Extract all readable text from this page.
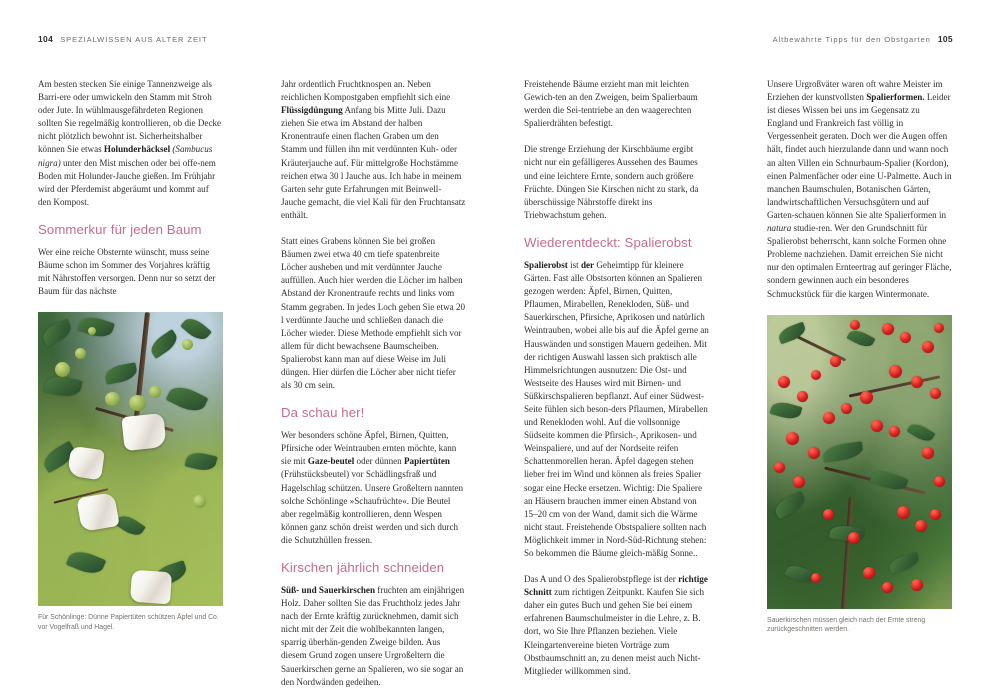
104 SPEZIALWISSEN AUS ALTER ZEIT	Altbewährte Tipps für den Obstgarten 105

Am besten stecken Sie einige Tannenzweige als Barri-ere oder umwickeln den Stamm mit Stroh oder Jute. In wühlmausgefährdeten Regionen sollten Sie regelmäßig kontrollieren, ob die Decke nicht plötzlich bewohnt ist. Sicherheitshalber können Sie etwas Holunderhäcksel (Sambucus nigra) unter den Mist mischen oder bei offe-nem Boden mit Holunder-Jauche gießen. Im Frühjahr wird der Pferdemist abgeräumt und kommt auf den Kompost.

Sommerkur für jeden Baum

Wer eine reiche Obsternte wünscht, muss seine Bäume schon im Sommer des Vorjahres kräftig mit Nährstoffen versorgen. Denn nur so setzt der Baum für das nächste

Für Schönlinge: Dünne Papiertüten schützen Äpfel und Co. vor Vogelfraß und Hagel.

Jahr ordentlich Fruchtknospen an. Neben reichlichen Kompostgaben empfiehlt sich eine Flüssigdüngung Anfang bis Mitte Juli. Dazu ziehen Sie etwa im Abstand der halben Kronentraufe einen flachen Graben um den Stamm und füllen ihn mit verdünnten Kuh- oder Kräuterjauche auf. Für mittelgroße Hochstämme reichen etwa 30 l Jauche aus. Ich habe in meinem Garten sehr gute Erfahrungen mit Beinwell-Jauche gemacht, die viel Kali für den Fruchtansatz enthält.

Statt eines Grabens können Sie bei großen Bäumen zwei etwa 40 cm tiefe spatenbreite Löcher ausheben und mit verdünnter Jauche auffüllen. Auch hier werden die Löcher im halben Abstand der Kronentraufe rechts und links vom Stamm gegraben. In jedes Loch geben Sie etwa 20 l verdünnte Jauche und schließen danach die Löcher wieder. Diese Methode empfiehlt sich vor allem für dicht bewachsene Baumscheiben. Spalierobst kann man auf diese Weise im Juli düngen. Hier dürfen die Löcher aber nicht tiefer als 30 cm sein.

Da schau her!

Wer besonders schöne Äpfel, Birnen, Quitten, Pfirsiche oder Weintrauben ernten möchte, kann sie mit Gaze-beutel oder dünnen Papiertüten (Frühstücksbeutel) vor Schädlingsfraß und Hagelschlag schützen. Unsere Großeltern nannten solche Schönlinge »Schaufrüchte«. Die Beutel aber regelmäßig kontrollieren, denn Wespen können ganz schön dreist werden und sich durch die Schutzhüllen fressen.

Kirschen jährlich schneiden

Süß- und Sauerkirschen fruchten am einjährigen Holz. Daher sollten Sie das Fruchtholz jedes Jahr nach der Ernte kräftig zurücknehmen, damit sich nicht mit der Zeit die wohlbekannten langen, sparrig überhän-genden Zweige bilden. Aus diesem Grund zogen unsere Urgroßeltern die Sauerkirschen gerne an Spalieren, wo sie sogar an den Nordwänden gedeihen.

Freistehende Bäume erzieht man mit leichten Gewich-ten an den Zweigen, beim Spalierbaum werden die Sei-tentriebe an den waagerechten Spalierdrähten befestigt.

Die strenge Erziehung der Kirschbäume ergibt nicht nur ein gefälligeres Aussehen des Baumes und eine leichtere Ernte, sondern auch größere Früchte. Düngen Sie Kirschen nicht zu stark, da überschüssige Nährstoffe direkt ins Triebwachstum gehen.

Wiederentdeckt: Spalierobst

Spalierobst ist der Geheimtipp für kleinere Gärten. Fast alle Obstsorten können an Spalieren gezogen werden: Äpfel, Birnen, Quitten, Pflaumen, Mirabellen, Renekloden, Süß- und Sauerkirschen, Pfirsiche, Aprikosen und natürlich Weintrauben, wobei alle bis auf die Äpfel gerne an Hauswänden und sonstigen Mauern gedeihen. Mit der richtigen Auswahl lassen sich praktisch alle Himmelsrichtungen ausnutzen: Die Ost- und Westseite des Hauses wird mit Birnen- und Süßkirschspalieren bepflanzt. Auf einer Südwest-Seite fühlen sich beson-ders Pflaumen, Mirabellen und Renekloden wohl. Auf die vollsonnige Südseite kommen die Pfirsich-, Aprikosen- und Weinspaliere, und auf der Nordseite reifen Schattenmorellen heran. Äpfel dagegen stehen lieber frei im Wind und können als freies Spalier sogar eine Hecke ersetzen. Wichtig: Die Spaliere an Häusern brauchen immer einen Abstand von 15–20 cm von der Wand, damit sich die Wärme nicht staut. Freistehende Obstspaliere sollten nach Möglichkeit immer in Nord-Süd-Richtung stehen: So bekommen die Bäume gleich-mäßig Sonne..

Das A und O des Spalierobstpflege ist der richtige Schnitt zum richtigen Zeitpunkt. Kaufen Sie sich daher ein gutes Buch und gehen Sie bei einem erfahrenen Baumschulmeister in die Lehre, z. B. dort, wo Sie Ihre Pflanzen beziehen. Viele Kleingartenvereine bieten Vorträge zum Obstbaumschnitt an, zu denen meist auch Nicht-Mitglieder willkommen sind.

Unsere Urgroßväter waren oft wahre Meister im Erziehen der kunstvollsten Spalierformen. Leider ist dieses Wissen bei uns im Gegensatz zu England und Frankreich fast völlig in Vergessenheit geraten. Doch wer die Augen offen hält, findet auch hierzulande dann und wann noch an alten Villen ein Schnurbaum-Spalier (Kordon), einen Palmenfächer oder eine U-Palmette. Auch in manchen Baumschulen, Botanischen Gärten, landwirtschaftlichen Versuchsgütern und auf Garten-schauen können Sie alte Spalierformen in natura studie-ren. Wer den Grundschnitt für Spalierobst beherrscht, kann solche Formen ohne Probleme nachziehen. Damit erreichen Sie nicht nur den optimalen Ernteertrag auf geringer Fläche, sondern gewinnen auch ein besonderes Schmuckstück für die kargen Wintermonate.

Sauerkirschen müssen gleich nach der Ernte streng zurückgeschnitten werden.
